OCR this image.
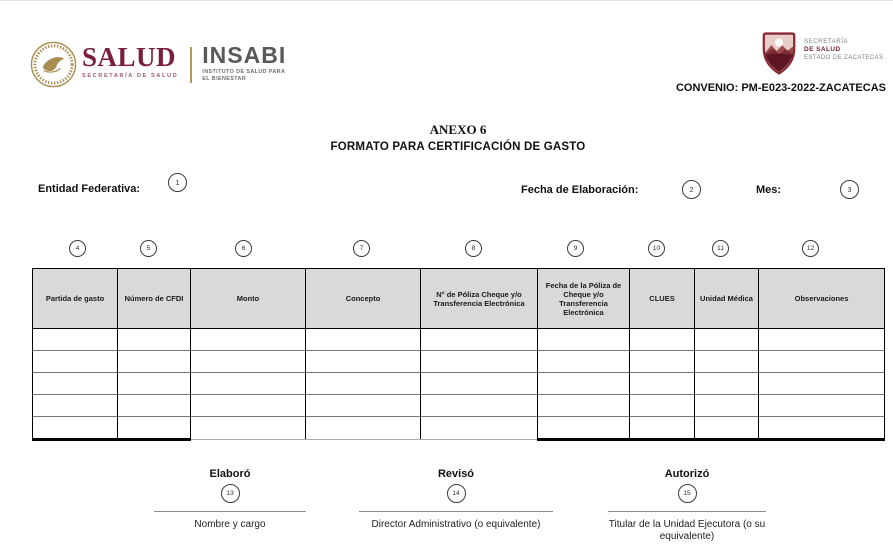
SALUD
SECRETARÍA DE SALUD
INSABI
INSTITUTO DE SALUD PARA
EL BIENESTAR
SECRETARÍA
DE SALUD
ESTADO DE ZACATECAS
CONVENIO: PM-E023-2022-ZACATECAS
ANEXO 6
FORMATO PARA CERTIFICACIÓN DE GASTO
Entidad Federativa:
1
Fecha de Elaboración:	2	Mes:	3
4	5	6	7	8	9	10	11	12
Partida de gasto	Número de CFDI	Monto	Concepto	N° de Póliza Cheque y/o Transferencia Electrónica	Fecha de la Póliza de Cheque y/o Transferencia Electrónica	CLUES	Unidad Médica	Observaciones

Elaboró
13
Nombre y cargo
Revisó
14
Director Administrativo (o equivalente)
Autorizó
15
Titular de la Unidad Ejecutora (o su equivalente)
